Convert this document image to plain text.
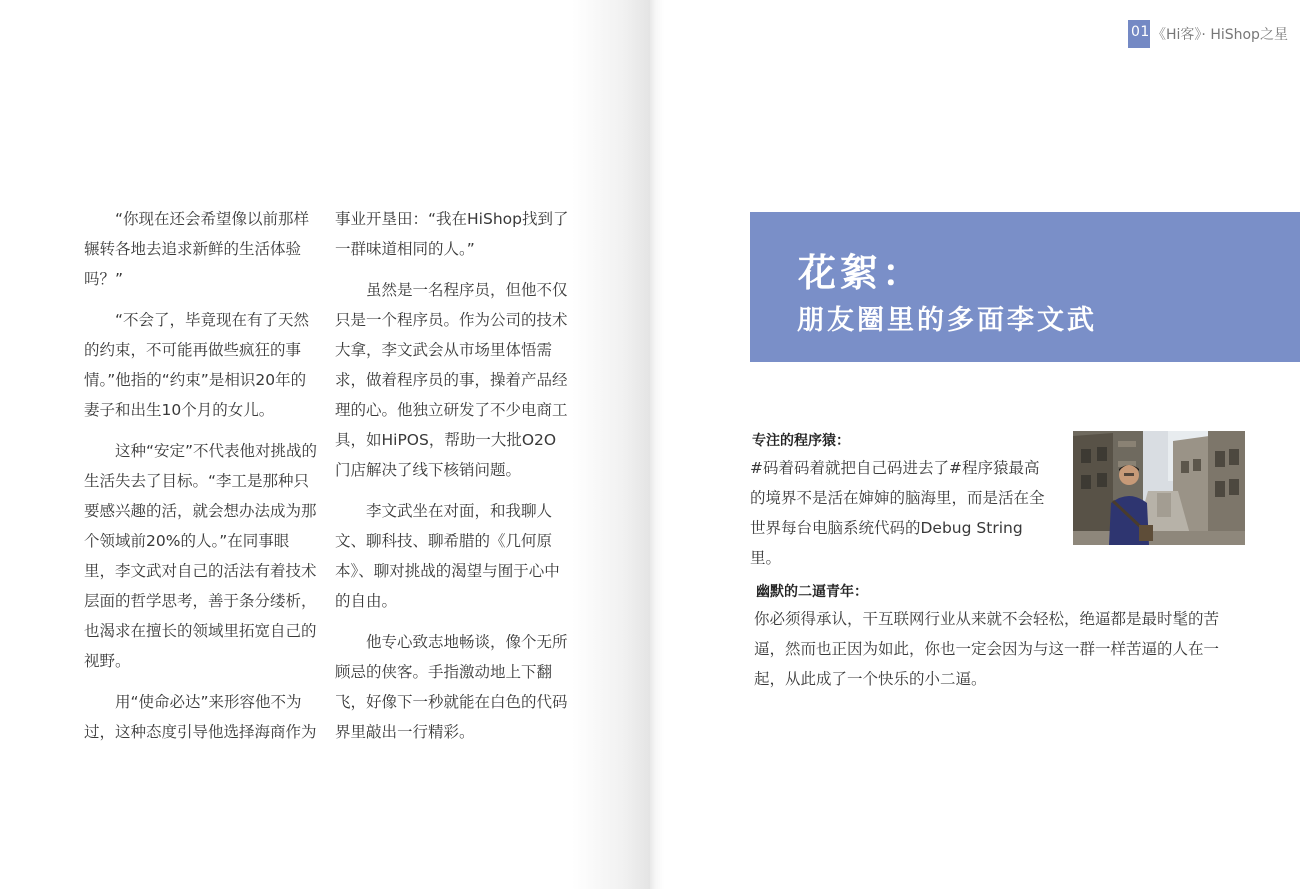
“你现在还会希望像以前那样辗转各地去追求新鲜的生活体验吗？”

“不会了，毕竟现在有了天然的约束，不可能再做些疯狂的事情。”他指的“约束”是相识20年的妻子和出生10个月的女儿。

这种“安定”不代表他对挑战的生活失去了目标。“李工是那种只要感兴趣的活，就会想办法成为那个领域前20%的人。”在同事眼里，李文武对自己的活法有着技术层面的哲学思考，善于条分缕析，也渴求在擅长的领域里拓宽自己的视野。

用“使命必达”来形容他不为过，这种态度引导他选择海商作为

事业开垦田：“我在HiShop找到了一群味道相同的人。”

虽然是一名程序员，但他不仅只是一个程序员。作为公司的技术大拿，李文武会从市场里体悟需求，做着程序员的事，操着产品经理的心。他独立研发了不少电商工具，如HiPOS，帮助一大批O2O门店解决了线下核销问题。

李文武坐在对面，和我聊人文、聊科技、聊希腊的《几何原本》、聊对挑战的渴望与囿于心中的自由。

他专心致志地畅谈，像个无所顾忌的侠客。手指激动地上下翻飞，好像下一秒就能在白色的代码界里敲出一行精彩。

01 《Hi客》· HiShop之星
花絮：
朋友圈里的多面李文武
专注的程序猿：
#码着码着就把自己码进去了#程序猿最高的境界不是活在婶婶的脑海里，而是活在全世界每台电脑系统代码的Debug String里。
幽默的二逼青年：
你必须得承认，干互联网行业从来就不会轻松，绝逼都是最时髦的苦逼，然而也正因为如此，你也一定会因为与这一群一样苦逼的人在一起，从此成了一个快乐的小二逼。
